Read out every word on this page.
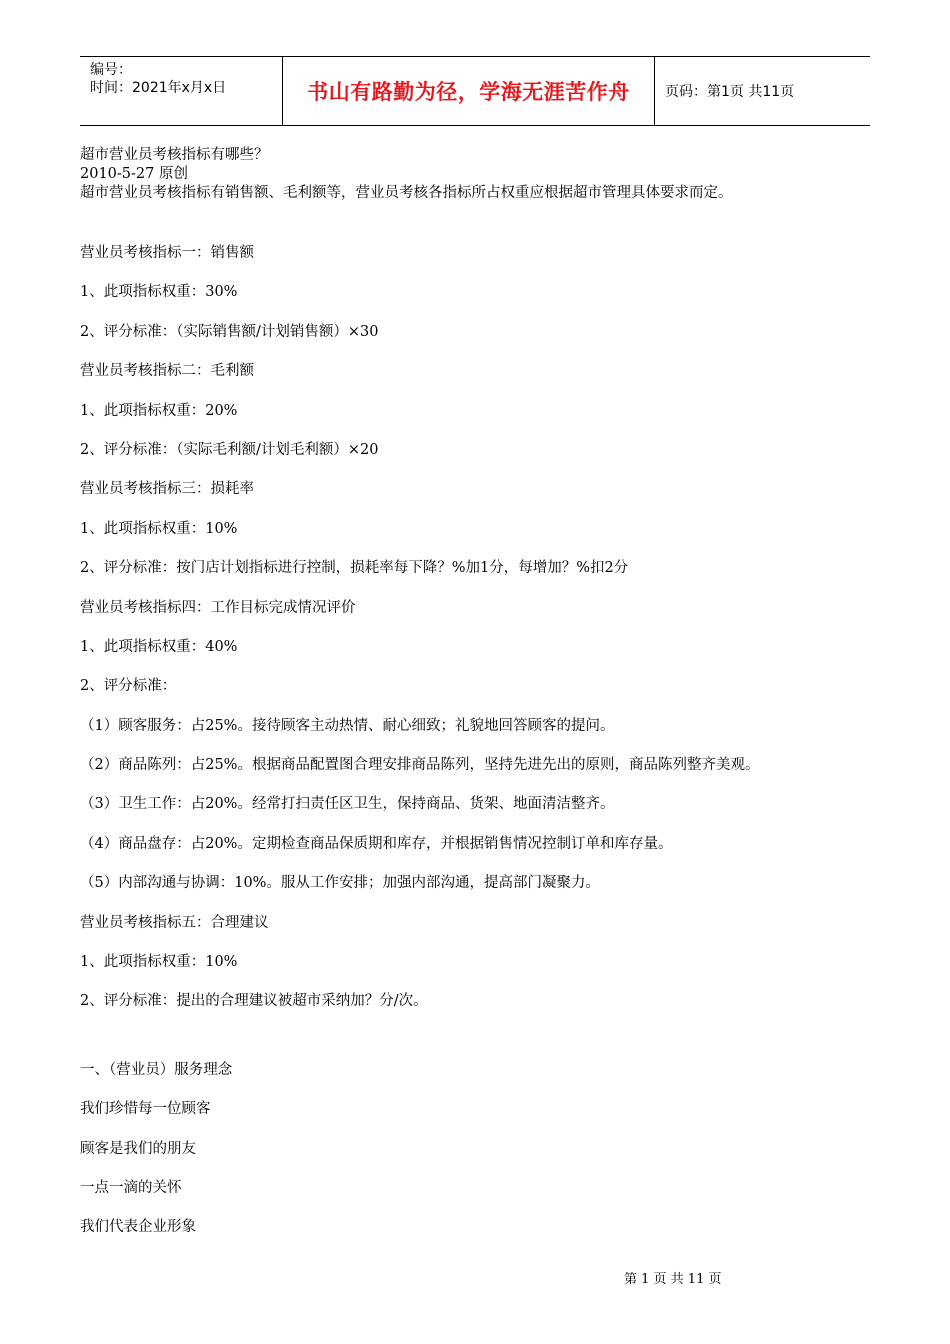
编号：
时间：2021年x月x日	书山有路勤为径，学海无涯苦作舟	页码：第1页 共11页

超市营业员考核指标有哪些？

2010-5-27 原创

超市营业员考核指标有销售额、毛利额等，营业员考核各指标所占权重应根据超市管理具体要求而定。

营业员考核指标一：销售额

1、此项指标权重：30%

2、评分标准：（实际销售额/计划销售额）×30

营业员考核指标二：毛利额

1、此项指标权重：20%

2、评分标准：（实际毛利额/计划毛利额）×20

营业员考核指标三：损耗率

1、此项指标权重：10%

2、评分标准：按门店计划指标进行控制，损耗率每下降？%加1分，每增加？%扣2分

营业员考核指标四：工作目标完成情况评价

1、此项指标权重：40%

2、评分标准：

（1）顾客服务：占25%。接待顾客主动热情、耐心细致；礼貌地回答顾客的提问。

（2）商品陈列：占25%。根据商品配置图合理安排商品陈列，坚持先进先出的原则，商品陈列整齐美观。

（3）卫生工作：占20%。经常打扫责任区卫生，保持商品、货架、地面清洁整齐。

（4）商品盘存：占20%。定期检查商品保质期和库存，并根据销售情况控制订单和库存量。

（5）内部沟通与协调：10%。服从工作安排；加强内部沟通，提高部门凝聚力。

营业员考核指标五：合理建议

1、此项指标权重：10%

2、评分标准：提出的合理建议被超市采纳加？分/次。

一、（营业员）服务理念

我们珍惜每一位顾客

顾客是我们的朋友

一点一滴的关怀

我们代表企业形象

第 1 页 共 11 页
